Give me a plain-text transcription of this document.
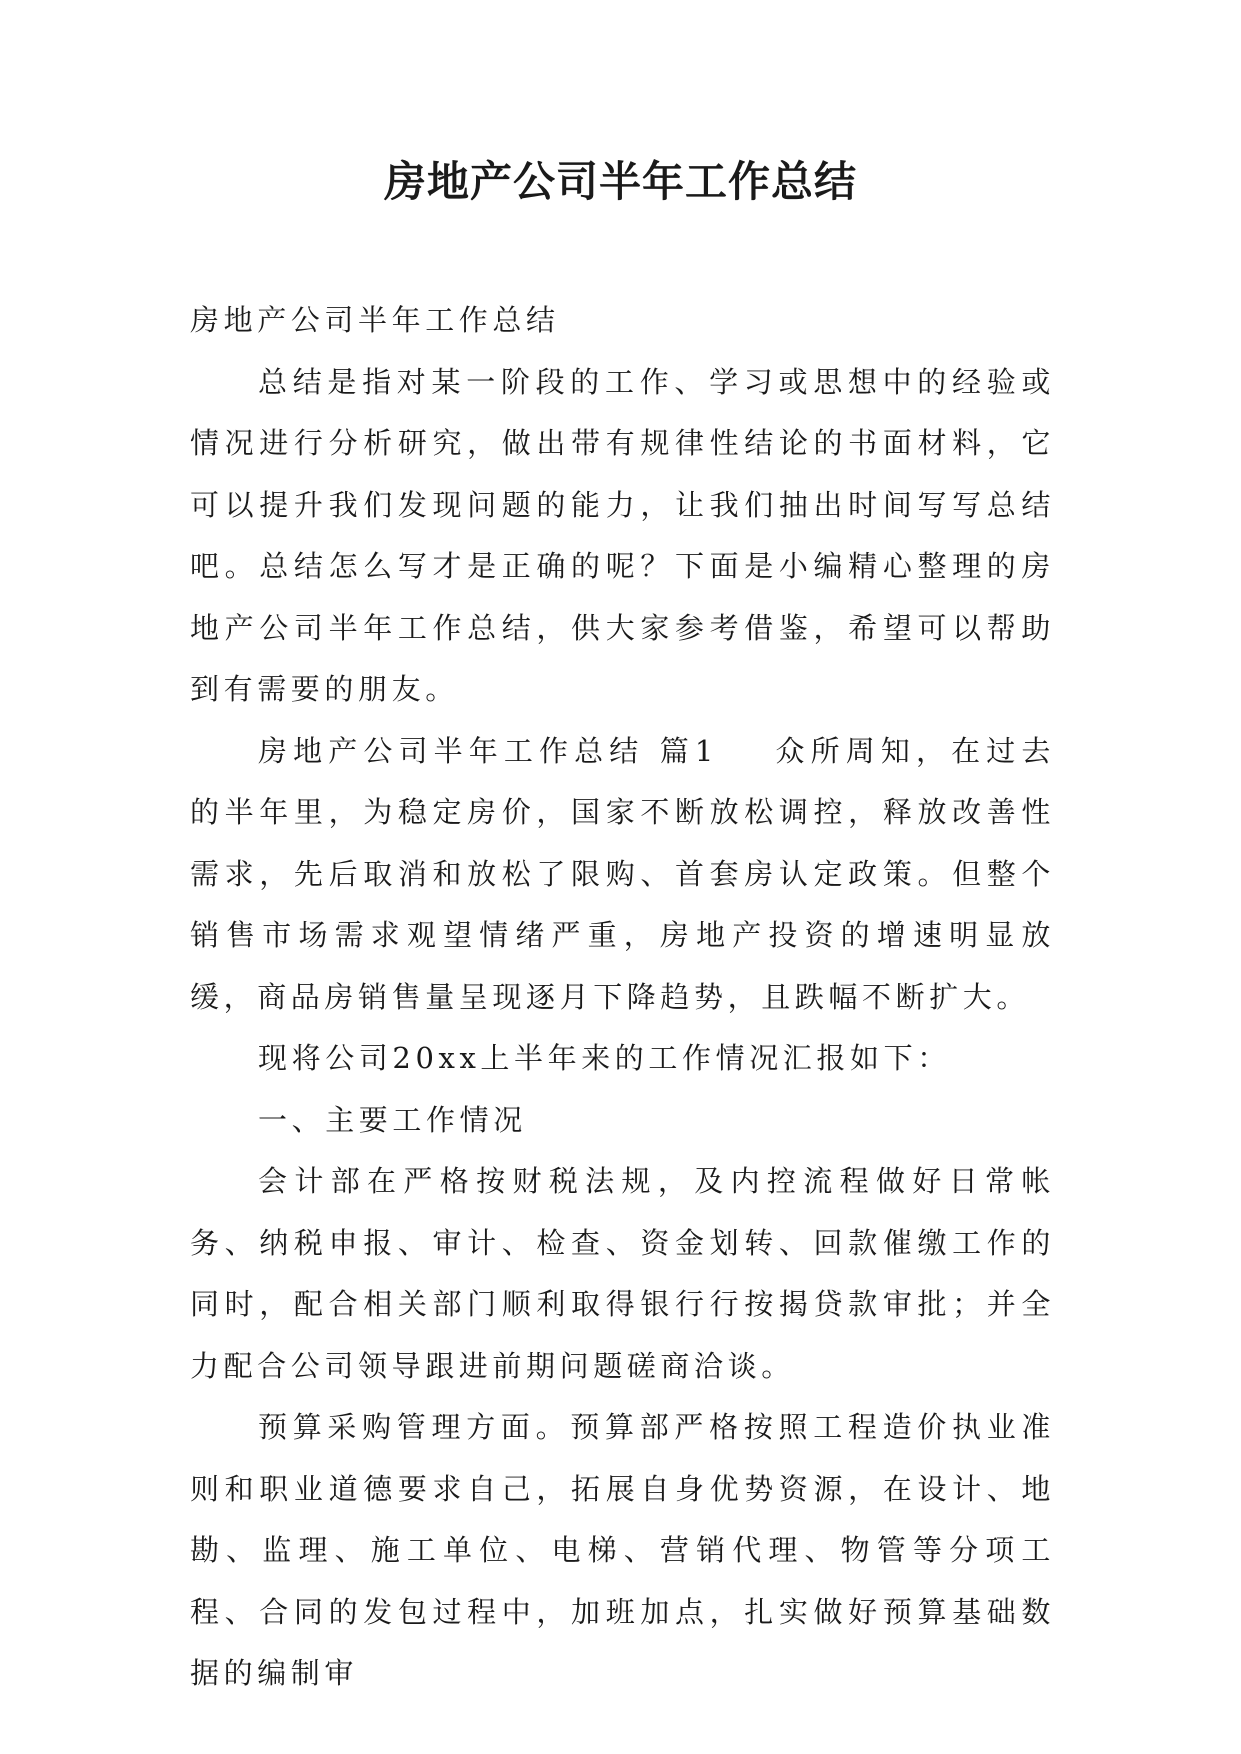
房地产公司半年工作总结

房地产公司半年工作总结

总结是指对某一阶段的工作、学习或思想中的经验或情况进行分析研究，做出带有规律性结论的书面材料，它可以提升我们发现问题的能力，让我们抽出时间写写总结吧。总结怎么写才是正确的呢？下面是小编精心整理的房地产公司半年工作总结，供大家参考借鉴，希望可以帮助到有需要的朋友。

房地产公司半年工作总结 篇1 众所周知，在过去的半年里，为稳定房价，国家不断放松调控，释放改善性需求，先后取消和放松了限购、首套房认定政策。但整个销售市场需求观望情绪严重，房地产投资的增速明显放缓，商品房销售量呈现逐月下降趋势，且跌幅不断扩大。

现将公司20xx上半年来的工作情况汇报如下：

一、主要工作情况

会计部在严格按财税法规，及内控流程做好日常帐务、纳税申报、审计、检查、资金划转、回款催缴工作的同时，配合相关部门顺利取得银行行按揭贷款审批；并全力配合公司领导跟进前期问题磋商洽谈。

预算采购管理方面。预算部严格按照工程造价执业准则和职业道德要求自己，拓展自身优势资源，在设计、地勘、监理、施工单位、电梯、营销代理、物管等分项工程、合同的发包过程中，加班加点，扎实做好预算基础数据的编制审
